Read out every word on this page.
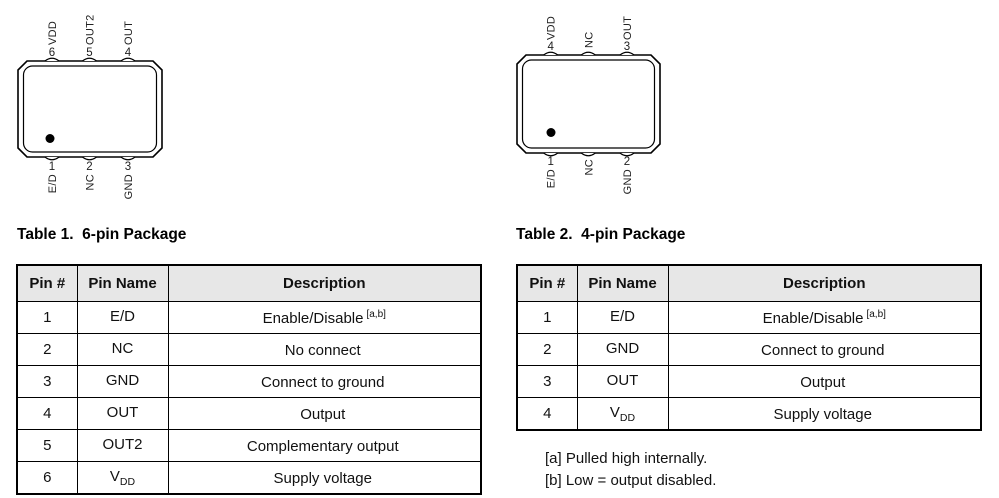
6	5	4
VDD OUT2 OUT
1	2	3
E/D NC GND
4	3
VDD NC OUT
1	2
E/D
NC
GND
Table 1.  6-pin Package
Pin #	Pin Name	Description
1	E/D	Enable/Disable [a,b]
2	NC	No connect
3	GND	Connect to ground
4	OUT	Output
5	OUT2	Complementary output
6	$V_{DD}$	Supply voltage
Table 2.  4-pin Package
Pin #	Pin Name	Description
1	E/D	Enable/Disable [a,b]
2	GND	Connect to ground
3	OUT	Output
4	$V_{DD}$	Supply voltage
[a] Pulled high internally.
[b] Low = output disabled.
